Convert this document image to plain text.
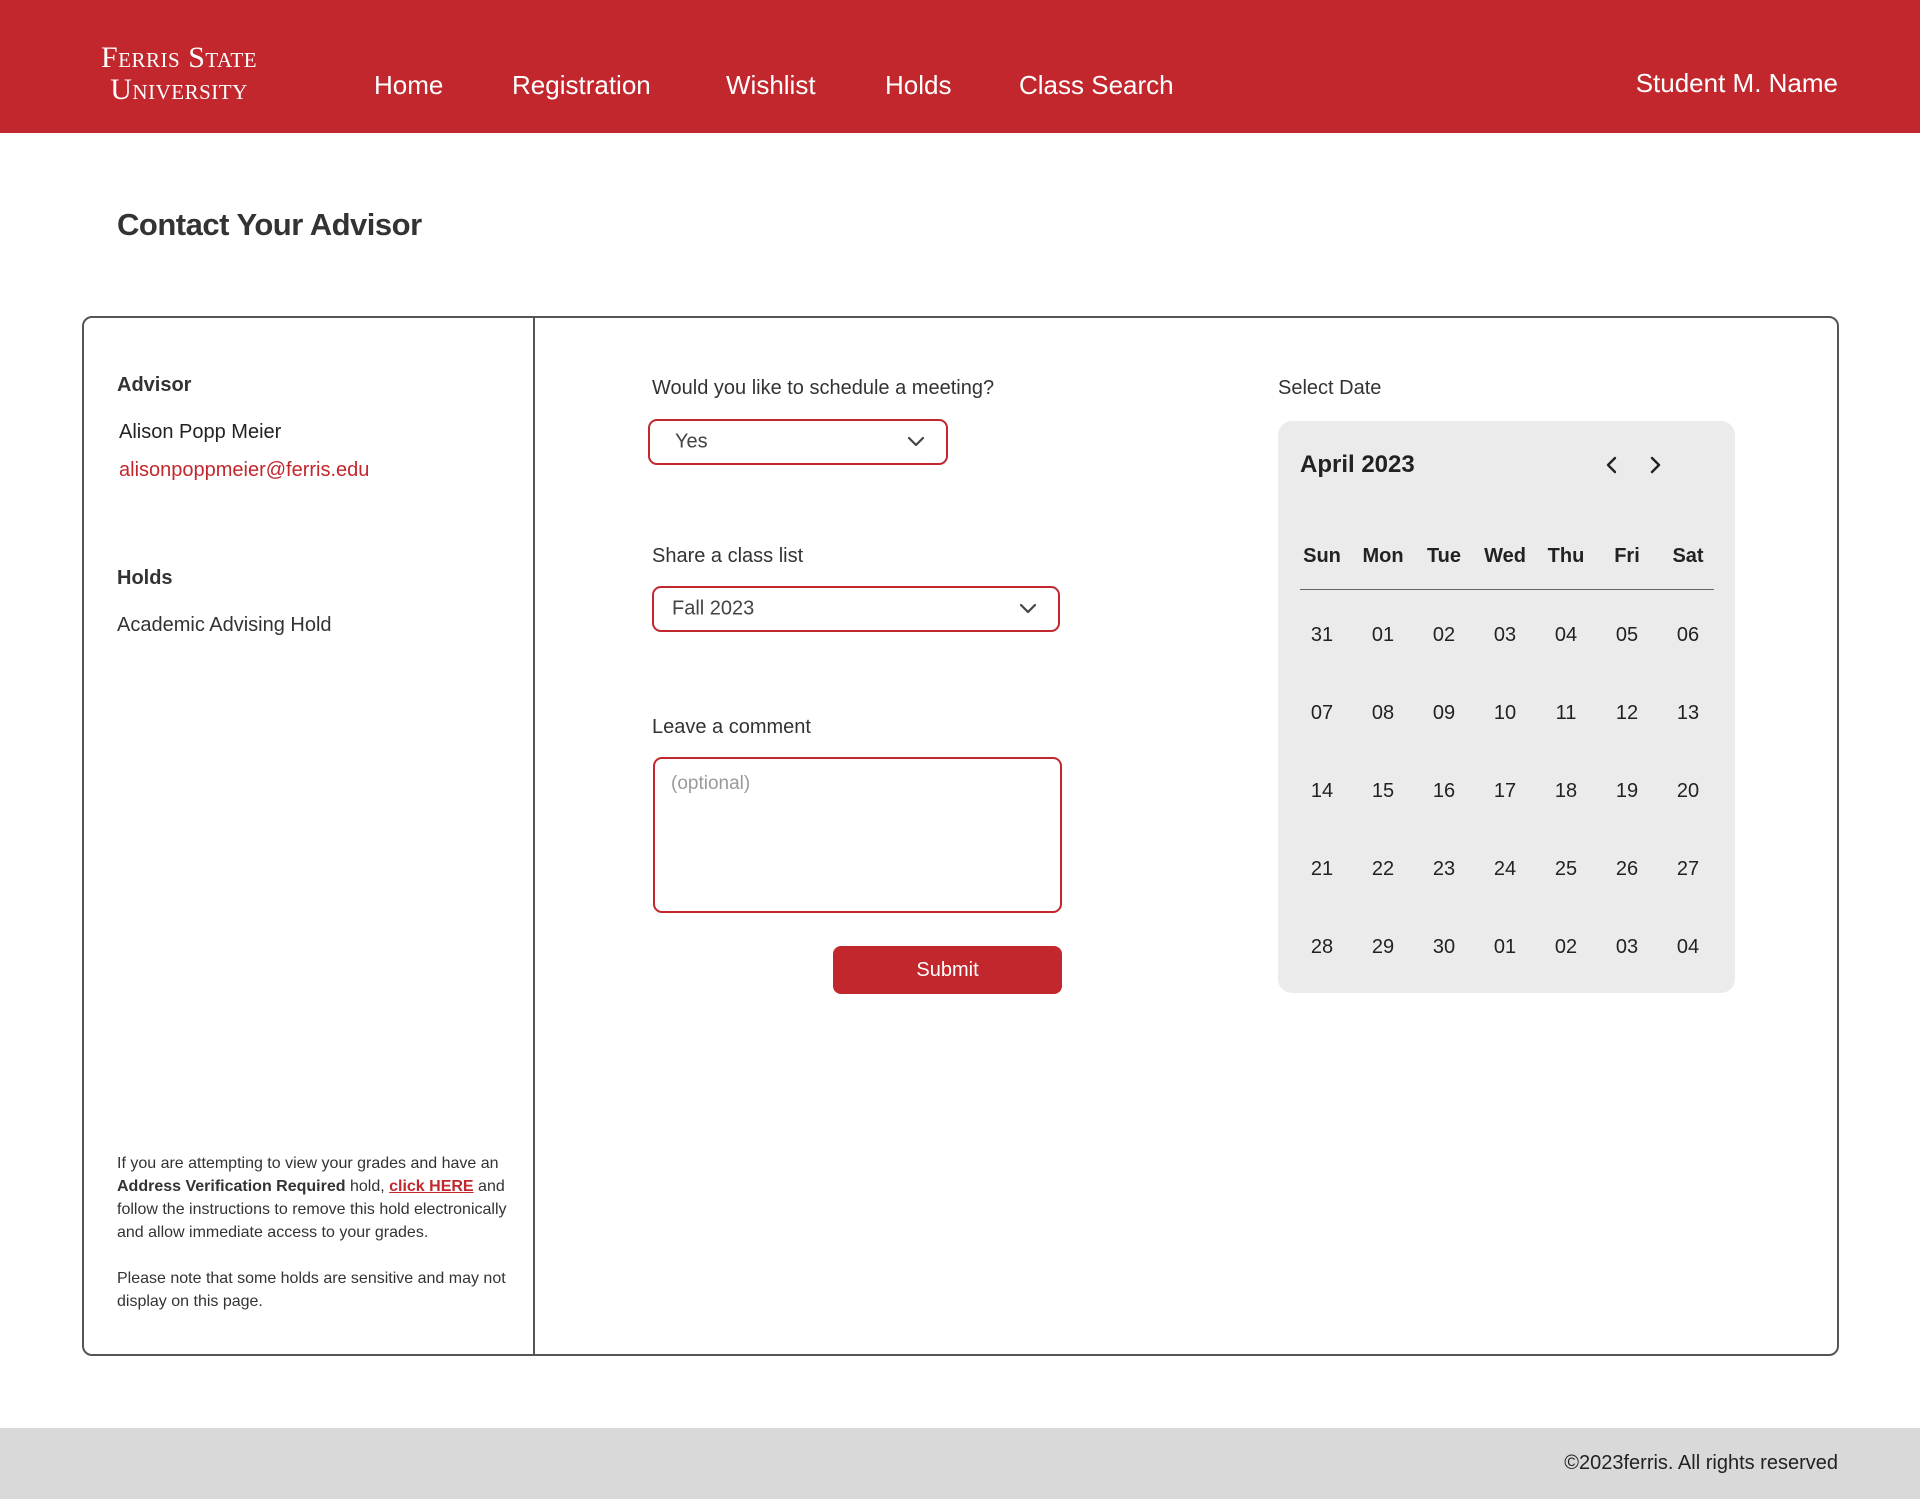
Ferris State
University	Home	Registration	Wishlist	Holds	Class Search	Student M. Name
Contact Your Advisor
Advisor
Alison Popp Meier
alisonpoppmeier@ferris.edu
Holds
Academic Advising Hold

If you are attempting to view your grades and have an Address Verification Required hold, click HERE and follow the instructions to remove this hold electronically and allow immediate access to your grades.

Please note that some holds are sensitive and may not display on this page.

Would you like to schedule a meeting?
Yes
Share a class list
Fall 2023
Leave a comment
(optional)
Submit
Select Date
April 2023
Sun	Mon	Tue	Wed	Thu	Fri	Sat
31	01	02	03	04	05	06
07	08	09	10	11	12	13
14	15	16	17	18	19	20
21	22	23	24	25	26	27
28	29	30	01	02	03	04
©2023ferris. All rights reserved
